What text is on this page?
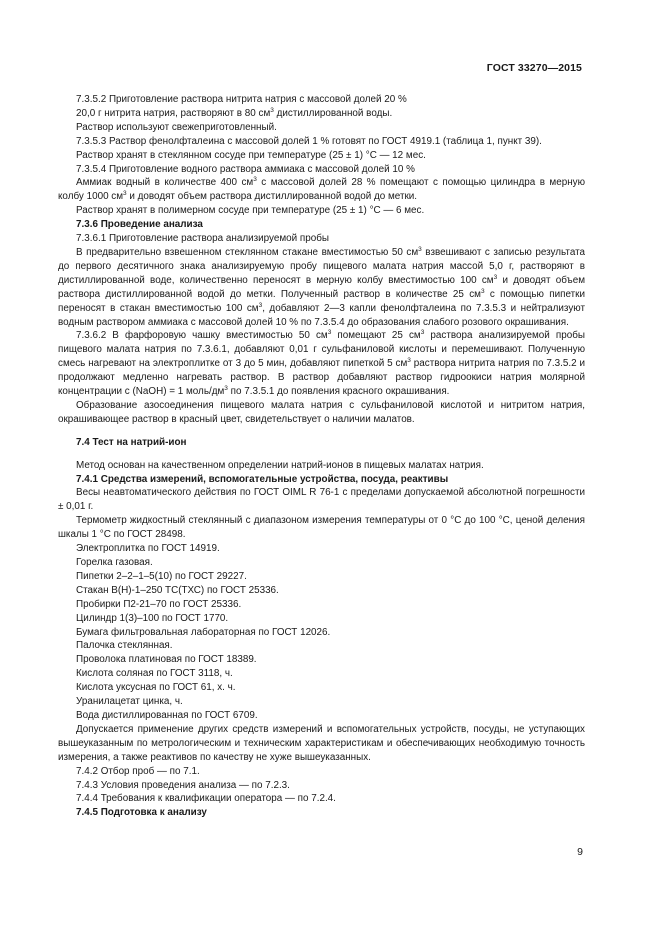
ГОСТ 33270—2015

7.3.5.2 Приготовление раствора нитрита натрия с массовой долей 20 %

20,0 г нитрита натрия, растворяют в 80 $см^3$ дистиллированной воды.

Раствор используют свежеприготовленный.

7.3.5.3 Раствор фенолфталеина с массовой долей 1 % готовят по ГОСТ 4919.1 (таблица 1, пункт 39).

Раствор хранят в стеклянном сосуде при температуре (25 ± 1) °С — 12 мес.

7.3.5.4 Приготовление водного раствора аммиака с массовой долей 10 %

Аммиак водный в количестве 400 $см^3$ с массовой долей 28 % помещают с помощью цилиндра в мерную колбу 1000 $см^3$ и доводят объем раствора дистиллированной водой до метки.

Раствор хранят в полимерном сосуде при температуре (25 ± 1) °С — 6 мес.

7.3.6 Проведение анализа

7.3.6.1 Приготовление раствора анализируемой пробы

В предварительно взвешенном стеклянном стакане вместимостью 50 $см^3$ взвешивают с записью результата до первого десятичного знака анализируемую пробу пищевого малата натрия массой 5,0 г, растворяют в дистиллированной воде, количественно переносят в мерную колбу вместимостью 100 $см^3$ и доводят объем раствора дистиллированной водой до метки. Полученный раствор в количестве 25 $см^3$ с помощью пипетки переносят в стакан вместимостью 100 $см^3$, добавляют 2—3 капли фенолфталеина по 7.3.5.3 и нейтрализуют водным раствором аммиака с массовой долей 10 % по 7.3.5.4 до образования слабого розового окрашивания.

7.3.6.2 В фарфоровую чашку вместимостью 50 $см^3$ помещают 25 $см^3$ раствора анализируемой пробы пищевого малата натрия по 7.3.6.1, добавляют 0,01 г сульфаниловой кислоты и перемешивают. Полученную смесь нагревают на электроплитке от 3 до 5 мин, добавляют пипеткой 5 $см^3$ раствора нитрита натрия по 7.3.5.2 и продолжают медленно нагревать раствор. В раствор добавляют раствор гидроокиси натрия молярной концентрации с (NaOH) = 1 моль/$дм^3$ по 7.3.5.1 до появления красного окрашивания.

Образование азосоединения пищевого малата натрия с сульфаниловой кислотой и нитритом натрия, окрашивающее раствор в красный цвет, свидетельствует о наличии малатов.

7.4 Тест на натрий-ион

Метод основан на качественном определении натрий-ионов в пищевых малатах натрия.

7.4.1 Средства измерений, вспомогательные устройства, посуда, реактивы

Весы неавтоматического действия по ГОСТ OIML R 76-1 с пределами допускаемой абсолютной погрешности ± 0,01 г.

Термометр жидкостный стеклянный с диапазоном измерения температуры от 0 °С до 100 °С, ценой деления шкалы 1 °С по ГОСТ 28498.

Электроплитка по ГОСТ 14919.

Горелка газовая.

Пипетки 2–2–1–5(10) по ГОСТ 29227.

Стакан В(Н)-1–250 ТС(ТХС) по ГОСТ 25336.

Пробирки П2-21–70 по ГОСТ 25336.

Цилиндр 1(3)–100 по ГОСТ 1770.

Бумага фильтровальная лабораторная по ГОСТ 12026.

Палочка стеклянная.

Проволока платиновая по ГОСТ 18389.

Кислота соляная по ГОСТ 3118, ч.

Кислота уксусная по ГОСТ 61, х. ч.

Уранилацетат цинка, ч.

Вода дистиллированная по ГОСТ 6709.

Допускается применение других средств измерений и вспомогательных устройств, посуды, не уступающих вышеуказанным по метрологическим и техническим характеристикам и обеспечивающих необходимую точность измерения, а также реактивов по качеству не хуже вышеуказанных.

7.4.2 Отбор проб — по 7.1.

7.4.3 Условия проведения анализа — по 7.2.3.

7.4.4 Требования к квалификации оператора — по 7.2.4.

7.4.5 Подготовка к анализу

9
